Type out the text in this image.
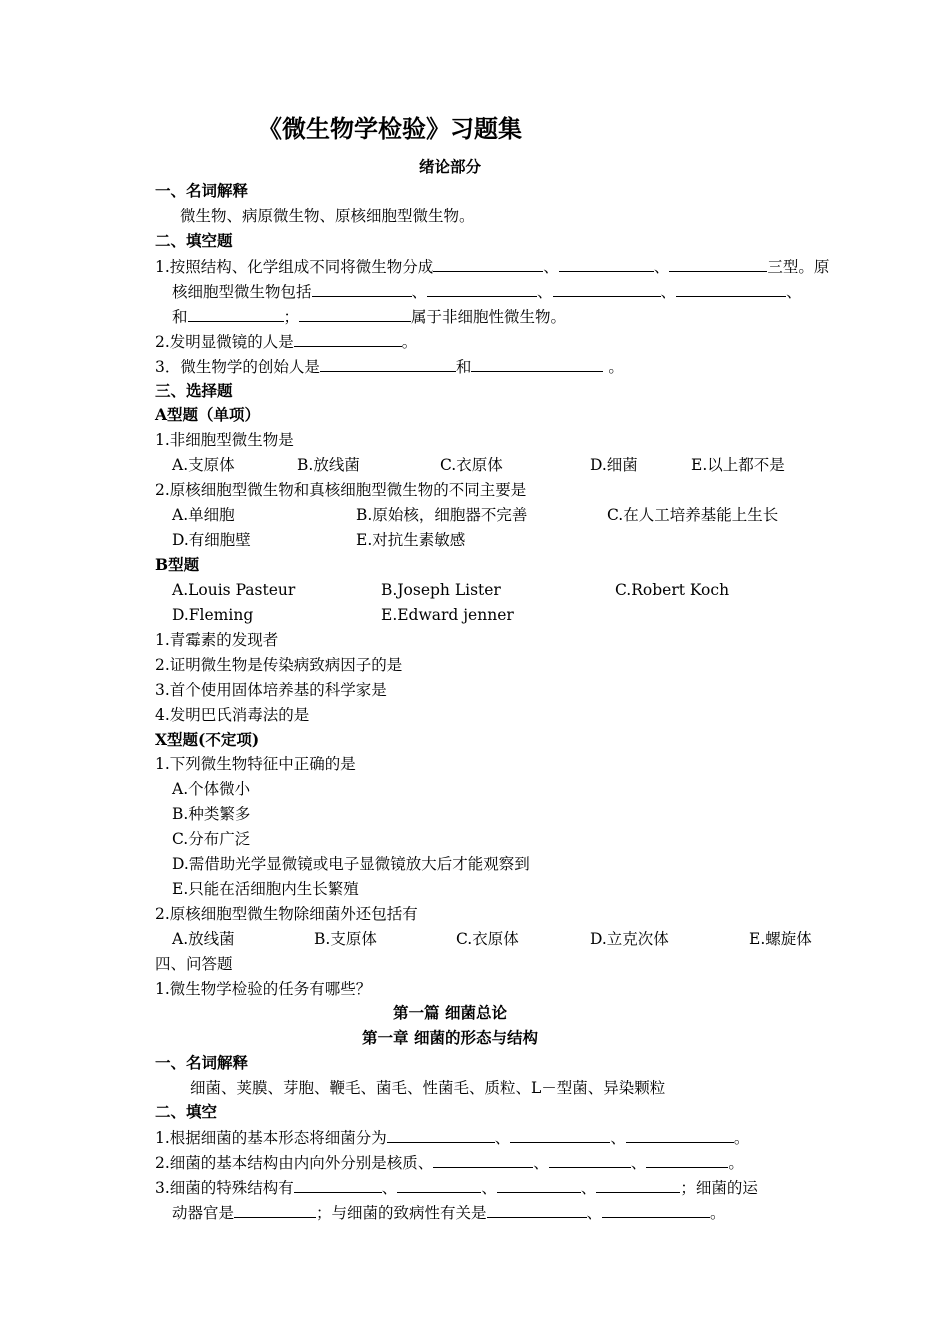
《微生物学检验》习题集
绪论部分
一、名词解释
微生物、病原微生物、原核细胞型微生物。
二、填空题
1.按照结构、化学组成不同将微生物分成	、	、	三型。原
核细胞型微生物包括	、	、	、	、
和	；	属于非细胞性微生物。
2.发明显微镜的人是	。
3．微生物学的创始人是	和	。
三、选择题
A型题（单项）
1.非细胞型微生物是
A.支原体	B.放线菌	C.衣原体	D.细菌	E.以上都不是
2.原核细胞型微生物和真核细胞型微生物的不同主要是
A.单细胞	B.原始核，细胞器不完善	C.在人工培养基能上生长
D.有细胞壁	E.对抗生素敏感
B型题
A.Louis Pasteur	B.Joseph Lister	C.Robert Koch
D.Fleming	E.Edward jenner
1.青霉素的发现者
2.证明微生物是传染病致病因子的是
3.首个使用固体培养基的科学家是
4.发明巴氏消毒法的是
X型题(不定项)
1.下列微生物特征中正确的是
A.个体微小
B.种类繁多
C.分布广泛
D.需借助光学显微镜或电子显微镜放大后才能观察到
E.只能在活细胞内生长繁殖
2.原核细胞型微生物除细菌外还包括有
A.放线菌	B.支原体	C.衣原体	D.立克次体	E.螺旋体
四、问答题
1.微生物学检验的任务有哪些？
第一篇 细菌总论
第一章 细菌的形态与结构
一、名词解释
细菌、荚膜、芽胞、鞭毛、菌毛、性菌毛、质粒、L－型菌、异染颗粒
二、填空
1.根据细菌的基本形态将细菌分为	、	、	。
2.细菌的基本结构由内向外分别是核质、	、	、	。
3.细菌的特殊结构有	、	、	、	；细菌的运
动器官是	；与细菌的致病性有关是	、	。
